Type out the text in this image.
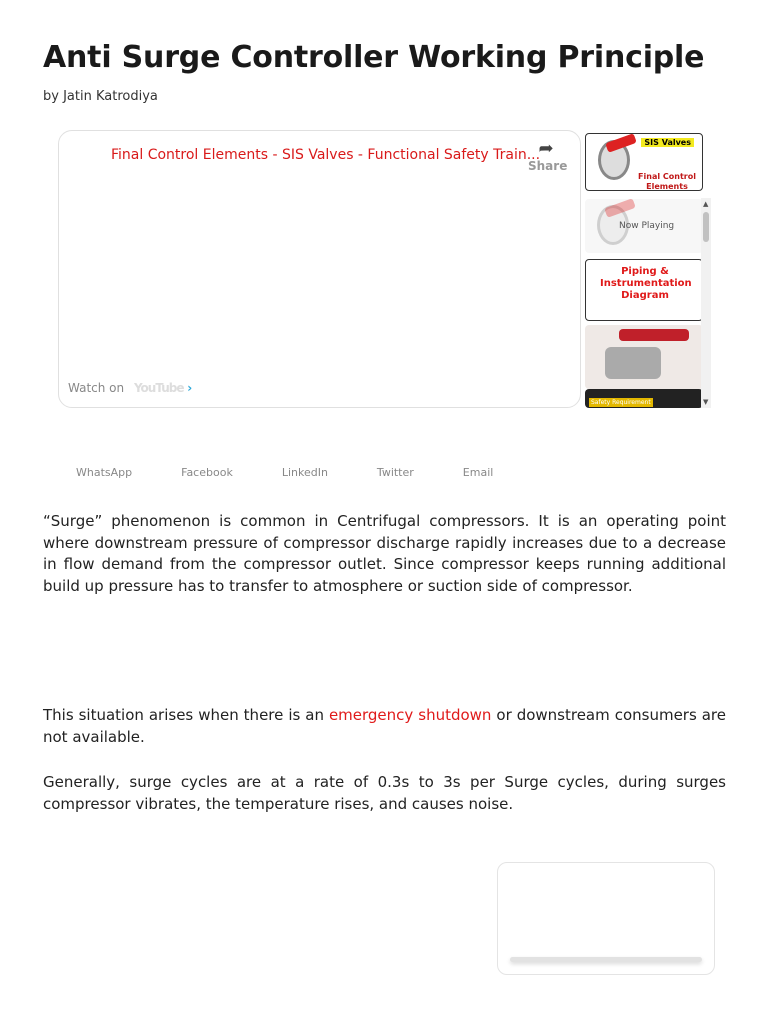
Anti Surge Controller Working Principle
by Jatin Katrodiya
Final Control Elements - SIS Valves - Functional Safety Train...
➦
Share
Watch on YouTube ›
SIS Valves
Final Control Elements
Now Playing
Piping & Instrumentation Diagram
Safety Requirement
▲
▼
WhatsApp	Facebook	LinkedIn	Twitter	Email

“Surge” phenomenon is common in Centrifugal compressors. It is an operating point where downstream pressure of compressor discharge rapidly increases due to a decrease in flow demand from the compressor outlet. Since compressor keeps running additional build up pressure has to transfer to atmosphere or suction side of compressor.

This situation arises when there is an emergency shutdown or downstream consumers are not available.

Generally, surge cycles are at a rate of 0.3s to 3s per Surge cycles, during surges compressor vibrates, the temperature rises, and causes noise.
